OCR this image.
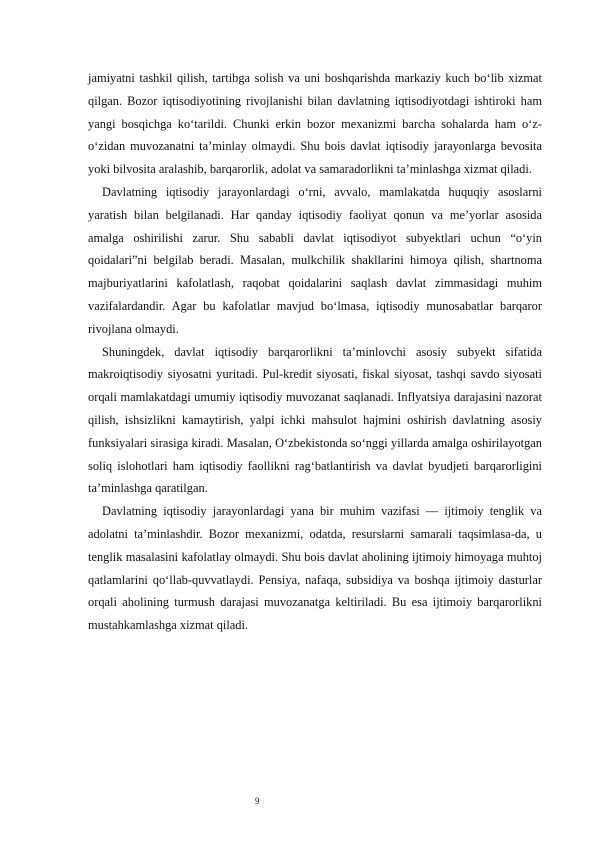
jamiyatni tashkil qilish, tartibga solish va uni boshqarishda markaziy kuch bo‘lib xizmat qilgan. Bozor iqtisodiyotining rivojlanishi bilan davlatning iqtisodiyotdagi ishtiroki ham yangi bosqichga ko‘tarildi. Chunki erkin bozor mexanizmi barcha sohalarda ham o‘z-o‘zidan muvozanatni ta’minlay olmaydi. Shu bois davlat iqtisodiy jarayonlarga bevosita yoki bilvosita aralashib, barqarorlik, adolat va samaradorlikni ta’minlashga xizmat qiladi.

Davlatning iqtisodiy jarayonlardagi o‘rni, avvalo, mamlakatda huquqiy asoslarni yaratish bilan belgilanadi. Har qanday iqtisodiy faoliyat qonun va me’yorlar asosida amalga oshirilishi zarur. Shu sababli davlat iqtisodiyot subyektlari uchun “o‘yin qoidalari”ni belgilab beradi. Masalan, mulkchilik shakllarini himoya qilish, shartnoma majburiyatlarini kafolatlash, raqobat qoidalarini saqlash davlat zimmasidagi muhim vazifalardandir. Agar bu kafolatlar mavjud bo‘lmasa, iqtisodiy munosabatlar barqaror rivojlana olmaydi.

Shuningdek, davlat iqtisodiy barqarorlikni ta’minlovchi asosiy subyekt sifatida makroiqtisodiy siyosatni yuritadi. Pul-kredit siyosati, fiskal siyosat, tashqi savdo siyosati orqali mamlakatdagi umumiy iqtisodiy muvozanat saqlanadi. Inflyatsiya darajasini nazorat qilish, ishsizlikni kamaytirish, yalpi ichki mahsulot hajmini oshirish davlatning asosiy funksiyalari sirasiga kiradi. Masalan, O‘zbekistonda so‘nggi yillarda amalga oshirilayotgan soliq islohotlari ham iqtisodiy faollikni rag‘batlantirish va davlat byudjeti barqarorligini ta’minlashga qaratilgan.

Davlatning iqtisodiy jarayonlardagi yana bir muhim vazifasi — ijtimoiy tenglik va adolatni ta’minlashdir. Bozor mexanizmi, odatda, resurslarni samarali taqsimlasa-da, u tenglik masalasini kafolatlay olmaydi. Shu bois davlat aholining ijtimoiy himoyaga muhtoj qatlamlarini qo‘llab-quvvatlaydi. Pensiya, nafaqa, subsidiya va boshqa ijtimoiy dasturlar orqali aholining turmush darajasi muvozanatga keltiriladi. Bu esa ijtimoiy barqarorlikni mustahkamlashga xizmat qiladi.

9
